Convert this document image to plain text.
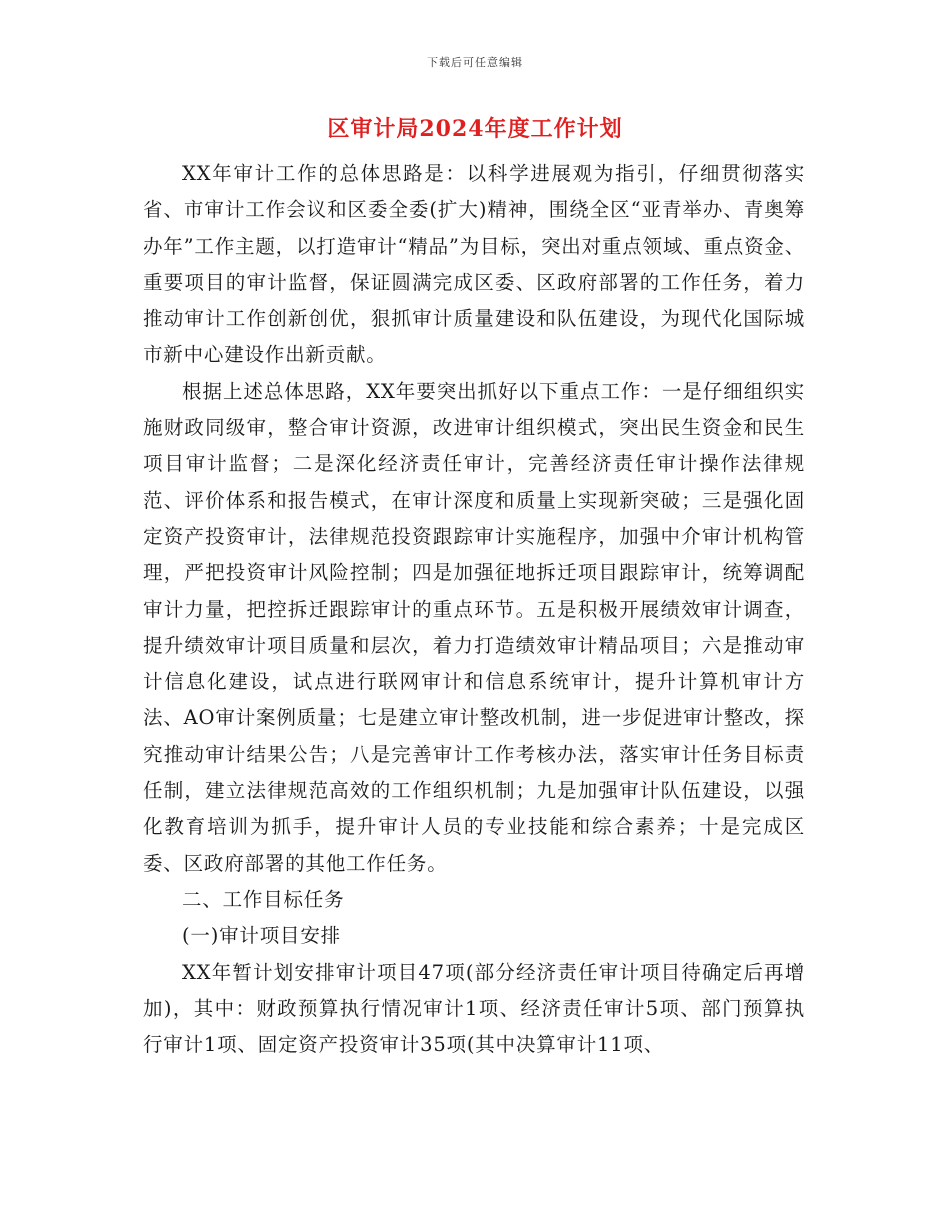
下载后可任意编辑
区审计局2024年度工作计划

XX年审计工作的总体思路是：以科学进展观为指引，仔细贯彻落实省、市审计工作会议和区委全委(扩大)精神，围绕全区“亚青举办、青奥筹办年”工作主题，以打造审计“精品”为目标，突出对重点领域、重点资金、重要项目的审计监督，保证圆满完成区委、区政府部署的工作任务，着力推动审计工作创新创优，狠抓审计质量建设和队伍建设，为现代化国际城市新中心建设作出新贡献。

根据上述总体思路，XX年要突出抓好以下重点工作：一是仔细组织实施财政同级审，整合审计资源，改进审计组织模式，突出民生资金和民生项目审计监督；二是深化经济责任审计，完善经济责任审计操作法律规范、评价体系和报告模式，在审计深度和质量上实现新突破；三是强化固定资产投资审计，法律规范投资跟踪审计实施程序，加强中介审计机构管理，严把投资审计风险控制；四是加强征地拆迁项目跟踪审计，统筹调配审计力量，把控拆迁跟踪审计的重点环节。五是积极开展绩效审计调查，提升绩效审计项目质量和层次，着力打造绩效审计精品项目；六是推动审计信息化建设，试点进行联网审计和信息系统审计，提升计算机审计方法、AO审计案例质量；七是建立审计整改机制，进一步促进审计整改，探究推动审计结果公告；八是完善审计工作考核办法，落实审计任务目标责任制，建立法律规范高效的工作组织机制；九是加强审计队伍建设，以强化教育培训为抓手，提升审计人员的专业技能和综合素养；十是完成区委、区政府部署的其他工作任务。

二、工作目标任务

(一)审计项目安排

XX年暂计划安排审计项目47项(部分经济责任审计项目待确定后再增加)，其中：财政预算执行情况审计1项、经济责任审计5项、部门预算执行审计1项、固定资产投资审计35项(其中决算审计11项、
